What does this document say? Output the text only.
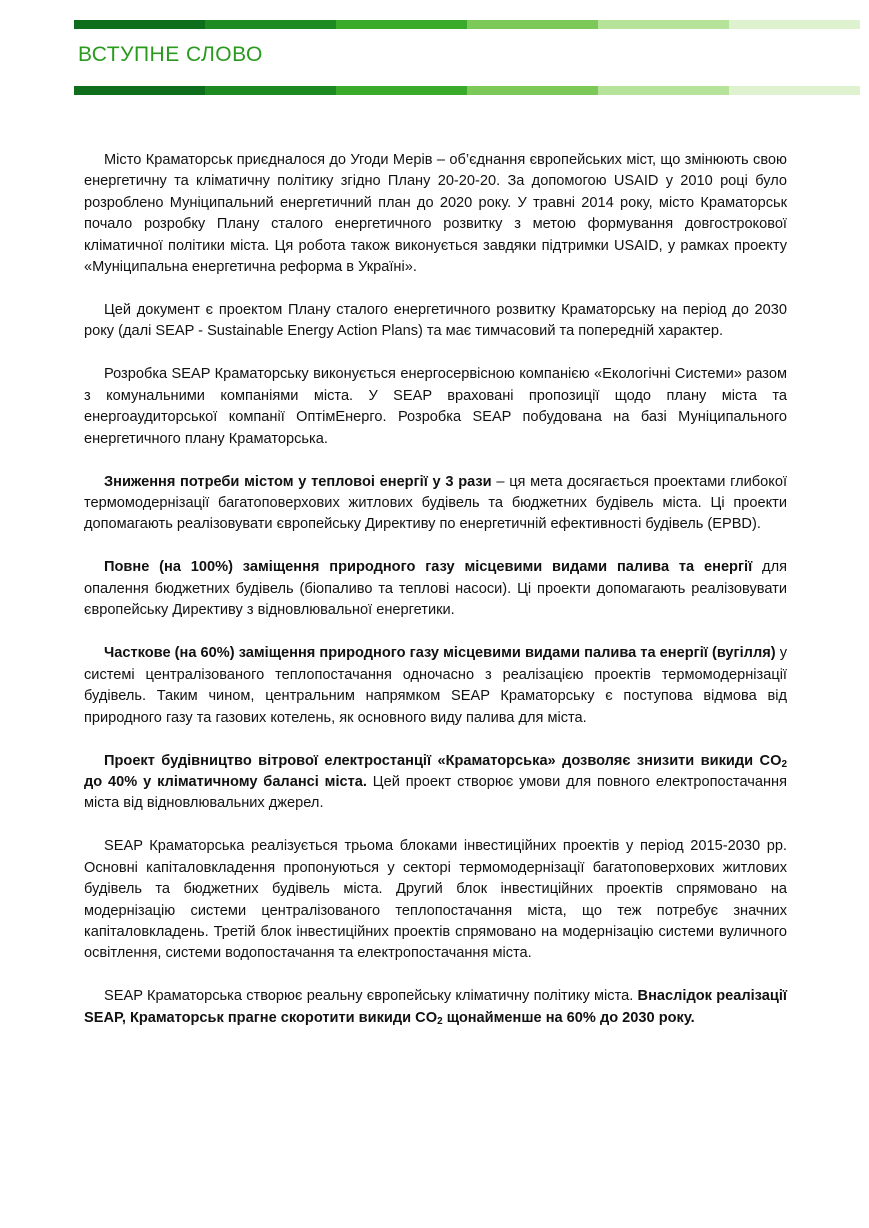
ВСТУПНЕ СЛОВО

Місто Краматорськ приєдналося до Угоди Мерів – об’єднання європейських міст, що змінюють свою енергетичну та кліматичну політику згідно Плану 20-20-20. За допомогою USAID у 2010 році було розроблено Муніципальний енергетичний план до 2020 року. У травні 2014 року, місто Краматорськ почало розробку Плану сталого енергетичного розвитку з метою формування довгострокової кліматичної політики міста. Ця робота також виконується завдяки підтримки USAID, у рамках проекту «Муніципальна енергетична реформа в Україні».

Цей документ є проектом Плану сталого енергетичного розвитку Краматорську на період до 2030 року (далі SEAP - Sustainable Energy Action Plans) та має тимчасовий та попередній характер.

Розробка SEAP Краматорську виконується енергосервісною компанією «Екологічні Системи» разом з комунальними компаніями міста. У SEAP враховані пропозиції щодо плану міста та енергоаудиторської компанії ОптімЕнерго. Розробка SEAP побудована на базі Муніципального енергетичного плану Краматорська.

Зниження потреби містом у тепловоі енергії у 3 рази – ця мета досягається проектами глибокої термомодернізації багатоповерхових житлових будівель та бюджетних будівель міста. Ці проекти допомагають реалізовувати європейську Директиву по енергетичній ефективності будівель (EPBD).

Повне (на 100%) заміщення природного газу місцевими видами палива та енергії для опалення бюджетних будівель (біопаливо та теплові насоси). Ці проекти допомагають реалізовувати європейську Директиву з відновлювальної енергетики.

Часткове (на 60%) заміщення природного газу місцевими видами палива та енергії (вугілля) у системі централізованого теплопостачання одночасно з реалізацією проектів термомодернізації будівель. Таким чином, центральним напрямком SEAP Краматорську є поступова відмова від природного газу та газових котелень, як основного виду палива для міста.

Проект будівництво вітрової електростанції «Краматорська» дозволяє знизити викиди $CO_2$ до 40% у кліматичному балансі міста. Цей проект створює умови для повного електропостачання міста від відновлювальних джерел.

SEAP Краматорська реалізується трьома блоками інвестиційних проектів у період 2015-2030 рр. Основні капіталовкладення пропонуються у секторі термомодернізації багатоповерхових житлових будівель та бюджетних будівель міста. Другий блок інвестиційних проектів спрямовано на модернізацію системи централізованого теплопостачання міста, що теж потребує значних капіталовкладень. Третій блок інвестиційних проектів спрямовано на модернізацію системи вуличного освітлення, системи водопостачання та електропостачання міста.

SEAP Краматорська створює реальну європейську кліматичну політику міста. Внаслідок реалізації SEAP, Краматорськ прагне скоротити викиди $CO_2$ щонайменше на 60% до 2030 року.
